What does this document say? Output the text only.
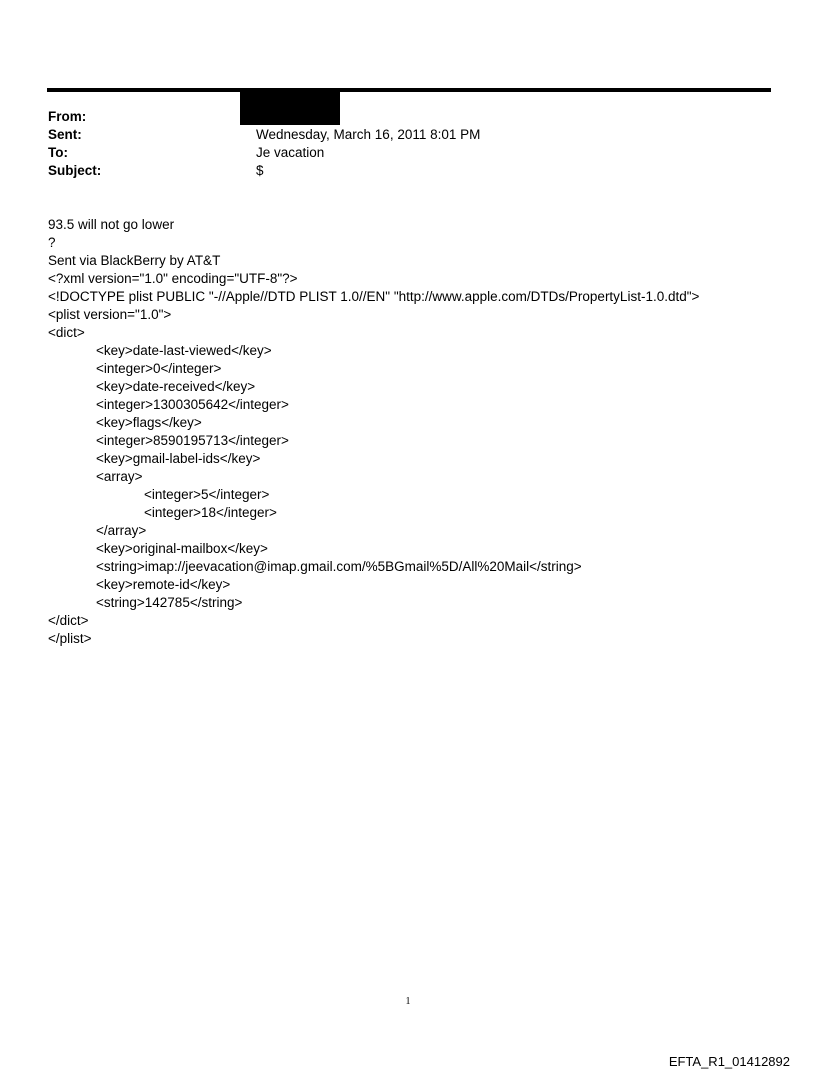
From:
Sent:	Wednesday, March 16, 2011 8:01 PM
To:	Je vacation
Subject:	$
93.5 will not go lower
?
Sent via BlackBerry by AT&T
<?xml version="1.0" encoding="UTF-8"?>
<!DOCTYPE plist PUBLIC "-//Apple//DTD PLIST 1.0//EN" "http://www.apple.com/DTDs/PropertyList-1.0.dtd">
<plist version="1.0">
<dict>
<key>date-last-viewed</key>
<integer>0</integer>
<key>date-received</key>
<integer>1300305642</integer>
<key>flags</key>
<integer>8590195713</integer>
<key>gmail-label-ids</key>
<array>
<integer>5</integer>
<integer>18</integer>
</array>
<key>original-mailbox</key>
<string>imap://jeevacation@imap.gmail.com/%5BGmail%5D/All%20Mail</string>
<key>remote-id</key>
<string>142785</string>
</dict>
</plist>
1
EFTA_R1_01412892
